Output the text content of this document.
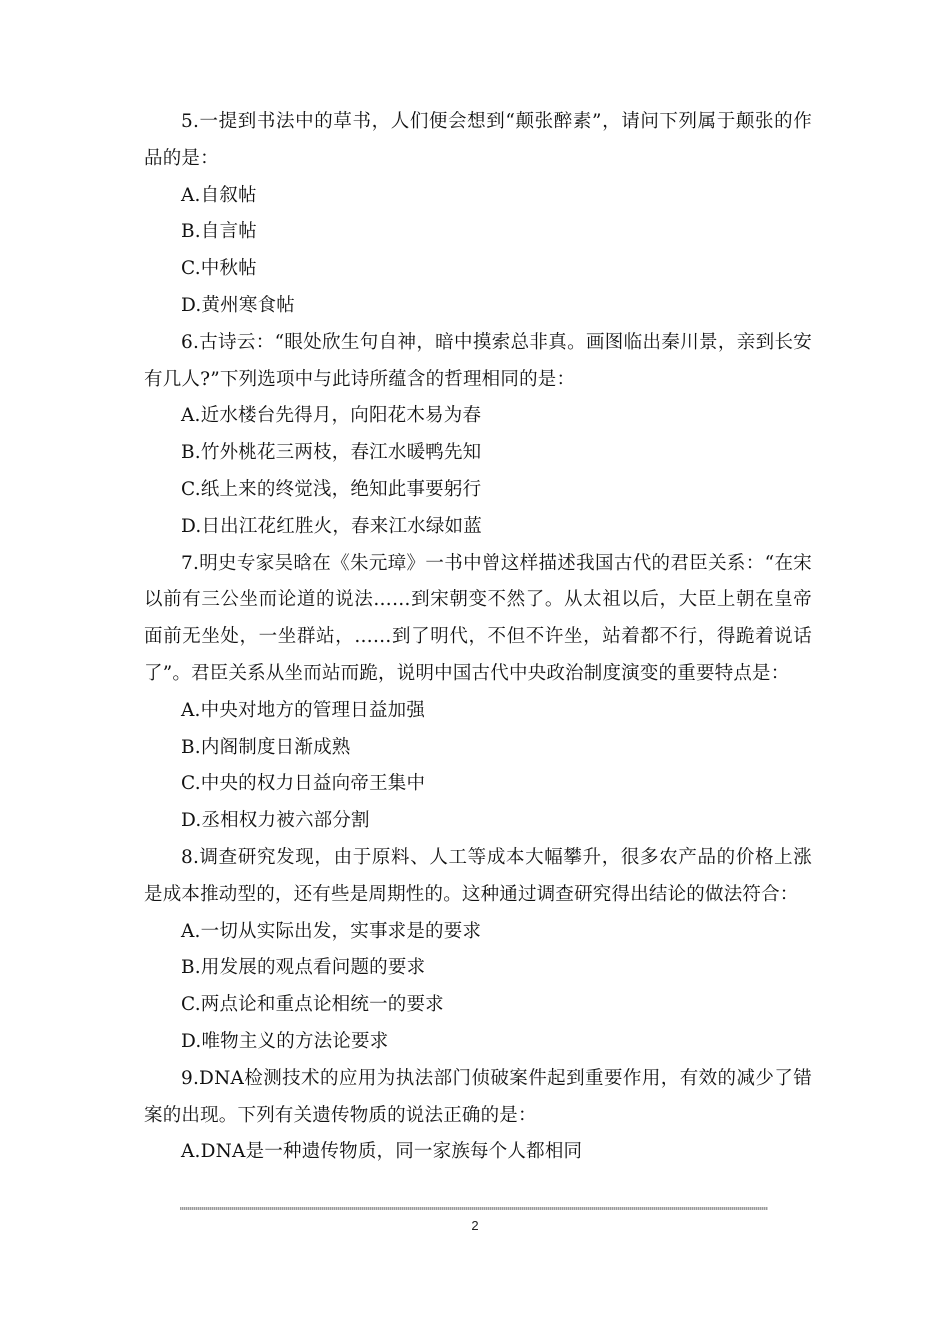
5.一提到书法中的草书，人们便会想到“颠张醉素”，请问下列属于颠张的作品的是：

A.自叙帖

B.自言帖

C.中秋帖

D.黄州寒食帖

6.古诗云：“眼处欣生句自神，暗中摸索总非真。画图临出秦川景，亲到长安有几人?”下列选项中与此诗所蕴含的哲理相同的是：

A.近水楼台先得月，向阳花木易为春

B.竹外桃花三两枝，春江水暖鸭先知

C.纸上来的终觉浅，绝知此事要躬行

D.日出江花红胜火，春来江水绿如蓝

7.明史专家吴晗在《朱元璋》一书中曾这样描述我国古代的君臣关系：“在宋以前有三公坐而论道的说法……到宋朝变不然了。从太祖以后，大臣上朝在皇帝面前无坐处，一坐群站，……到了明代，不但不许坐，站着都不行，得跪着说话了”。君臣关系从坐而站而跪，说明中国古代中央政治制度演变的重要特点是：

A.中央对地方的管理日益加强

B.内阁制度日渐成熟

C.中央的权力日益向帝王集中

D.丞相权力被六部分割

8.调查研究发现，由于原料、人工等成本大幅攀升，很多农产品的价格上涨是成本推动型的，还有些是周期性的。这种通过调查研究得出结论的做法符合：

A.一切从实际出发，实事求是的要求

B.用发展的观点看问题的要求

C.两点论和重点论相统一的要求

D.唯物主义的方法论要求

9.DNA检测技术的应用为执法部门侦破案件起到重要作用，有效的减少了错案的出现。下列有关遗传物质的说法正确的是：

A.DNA是一种遗传物质，同一家族每个人都相同

2
